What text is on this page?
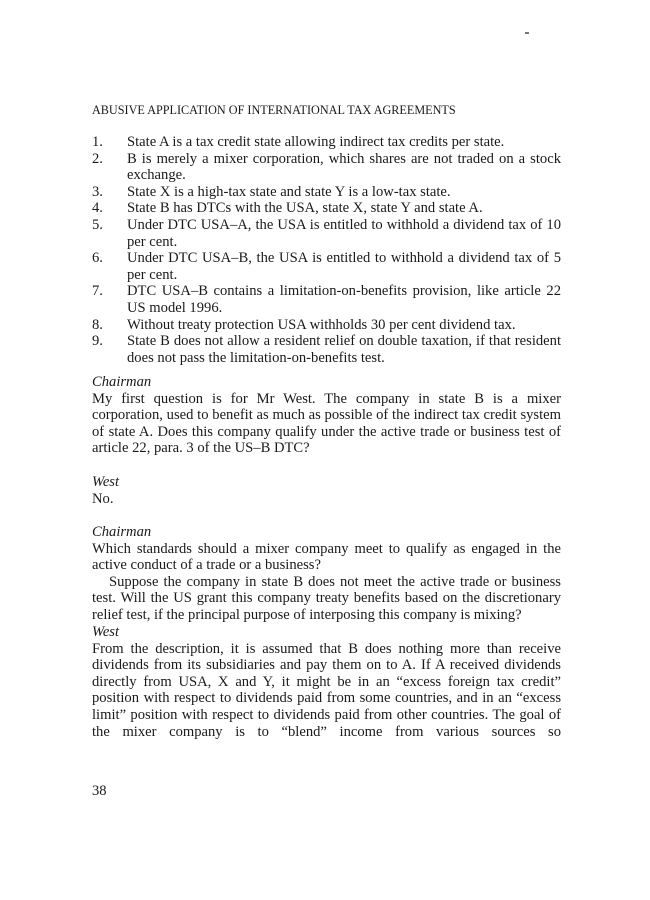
ABUSIVE APPLICATION OF INTERNATIONAL TAX AGREEMENTS
1.	State A is a tax credit state allowing indirect tax credits per state.
2.	B is merely a mixer corporation, which shares are not traded on a stock exchange.
3.	State X is a high-tax state and state Y is a low-tax state.
4.	State B has DTCs with the USA, state X, state Y and state A.
5.	Under DTC USA–A, the USA is entitled to withhold a dividend tax of 10 per cent.
6.	Under DTC USA–B, the USA is entitled to withhold a dividend tax of 5 per cent.
7.	DTC USA–B contains a limitation-on-benefits provision, like article 22 US model 1996.
8.	Without treaty protection USA withholds 30 per cent dividend tax.
9.	State B does not allow a resident relief on double taxation, if that resident does not pass the limitation-on-benefits test.
Chairman

My first question is for Mr West. The company in state B is a mixer corporation, used to benefit as much as possible of the indirect tax credit system of state A. Does this company qualify under the active trade or business test of article 22, para. 3 of the US–B DTC?

West

No.

Chairman

Which standards should a mixer company meet to qualify as engaged in the active conduct of a trade or a business?

Suppose the company in state B does not meet the active trade or business test. Will the US grant this company treaty benefits based on the discretionary relief test, if the principal purpose of interposing this company is mixing?

West

From the description, it is assumed that B does nothing more than receive dividends from its subsidiaries and pay them on to A. If A received dividends directly from USA, X and Y, it might be in an “excess foreign tax credit” position with respect to dividends paid from some countries, and in an “excess limit” position with respect to dividends paid from other countries. The goal of the mixer company is to “blend” income from various sources so

38
